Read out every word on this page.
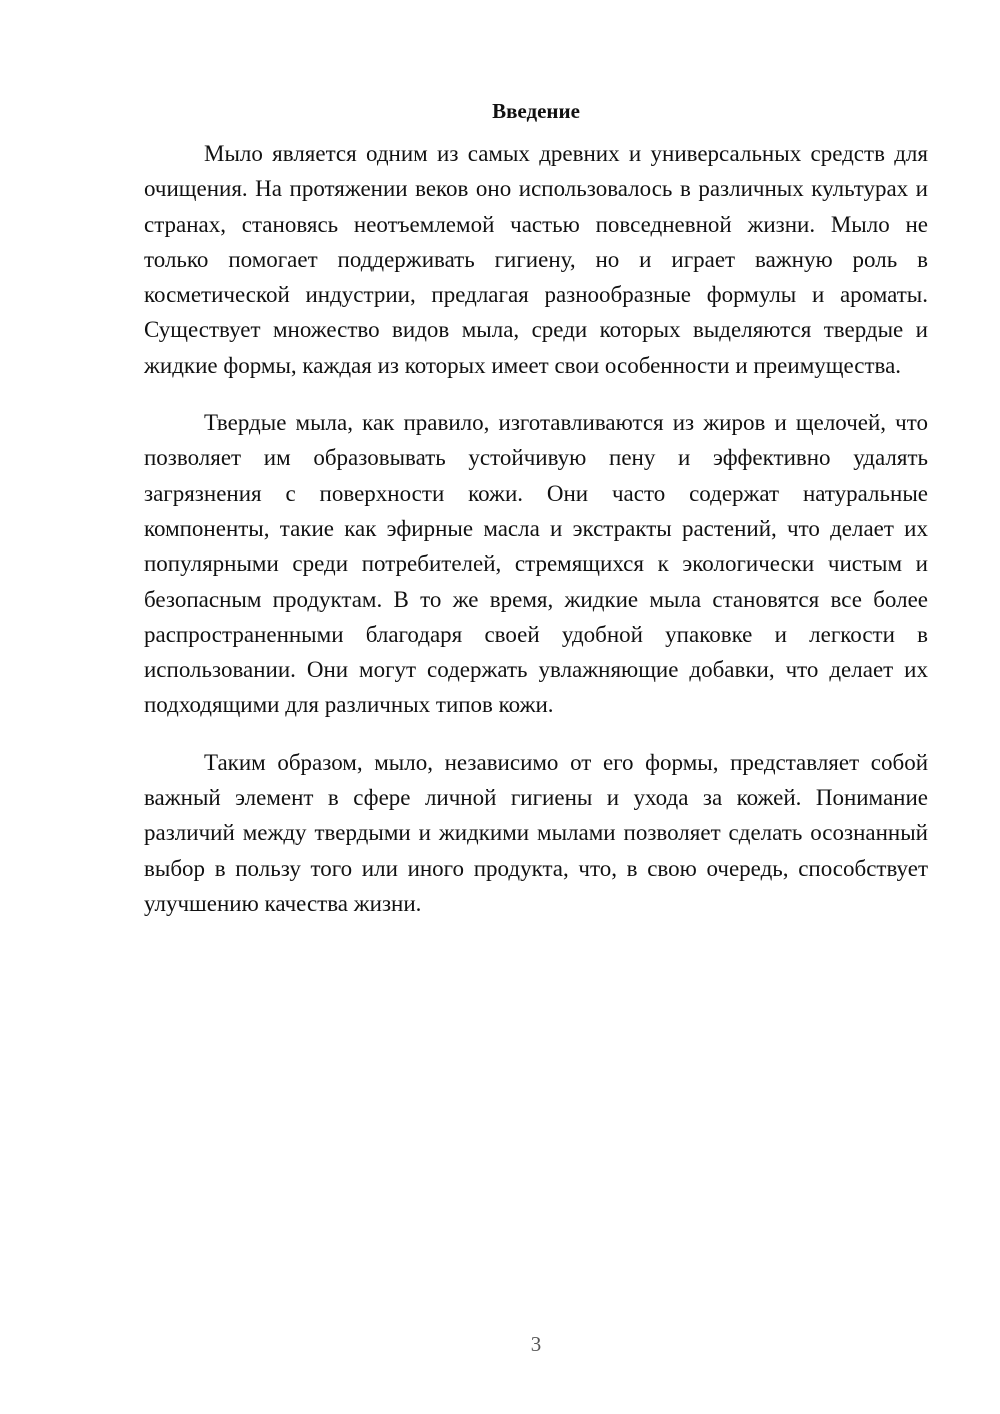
Введение

Мыло является одним из самых древних и универсальных средств для очищения. На протяжении веков оно использовалось в различных культурах и странах, становясь неотъемлемой частью повседневной жизни. Мыло не только помогает поддерживать гигиену, но и играет важную роль в косметической индустрии, предлагая разнообразные формулы и ароматы. Существует множество видов мыла, среди которых выделяются твердые и жидкие формы, каждая из которых имеет свои особенности и преимущества.

Твердые мыла, как правило, изготавливаются из жиров и щелочей, что позволяет им образовывать устойчивую пену и эффективно удалять загрязнения с поверхности кожи. Они часто содержат натуральные компоненты, такие как эфирные масла и экстракты растений, что делает их популярными среди потребителей, стремящихся к экологически чистым и безопасным продуктам. В то же время, жидкие мыла становятся все более распространенными благодаря своей удобной упаковке и легкости в использовании. Они могут содержать увлажняющие добавки, что делает их подходящими для различных типов кожи.

Таким образом, мыло, независимо от его формы, представляет собой важный элемент в сфере личной гигиены и ухода за кожей. Понимание различий между твердыми и жидкими мылами позволяет сделать осознанный выбор в пользу того или иного продукта, что, в свою очередь, способствует улучшению качества жизни.

3
